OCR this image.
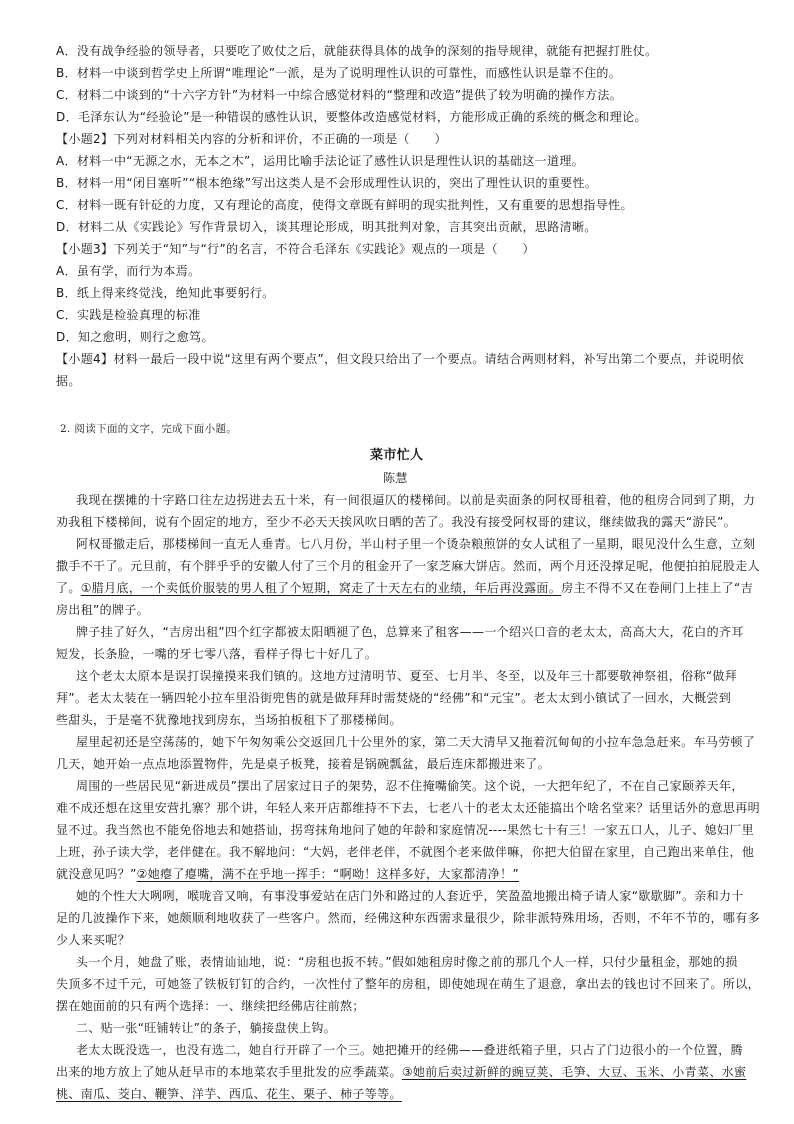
A．没有战争经验的领导者，只要吃了败仗之后，就能获得具体的战争的深刻的指导规律，就能有把握打胜仗。
B．材料一中谈到哲学史上所谓“唯理论”一派，是为了说明理性认识的可靠性，而感性认识是靠不住的。
C．材料二中谈到的“十六字方针”为材料一中综合感觉材料的“整理和改造”提供了较为明确的操作方法。
D．毛泽东认为“经验论”是一种错误的感性认识，要整体改造感觉材料，方能形成正确的系统的概念和理论。
【小题2】下列对材料相关内容的分析和评价，不正确的一项是（　　）
A．材料一中“无源之水，无本之木”，运用比喻手法论证了感性认识是理性认识的基础这一道理。
B．材料一用“闭目塞听”“根本绝缘”写出这类人是不会形成理性认识的，突出了理性认识的重要性。
C．材料一既有针砭的力度，又有理论的高度，使得文章既有鲜明的现实批判性，又有重要的思想指导性。
D．材料二从《实践论》写作背景切入，谈其理论形成，明其批判对象，言其突出贡献，思路清晰。
【小题3】下列关于“知”与“行”的名言，不符合毛泽东《实践论》观点的一项是（　　）
A．虽有学，而行为本焉。
B．纸上得来终觉浅，绝知此事要躬行。
C．实践是检验真理的标准
D．知之愈明，则行之愈笃。
【小题4】材料一最后一段中说“这里有两个要点”，但文段只给出了一个要点。请结合两则材料，补写出第二个要点，并说明依
据。
2. 阅读下面的文字，完成下面小题。
菜市忙人
陈慧
我现在摆摊的十字路口往左边拐进去五十米，有一间很逼仄的楼梯间。以前是卖面条的阿权哥租着，他的租房合同到了期，力
劝我租下楼梯间，说有个固定的地方，至少不必天天挨风吹日晒的苦了。我没有接受阿权哥的建议，继续做我的露天“游民”。
阿权哥撤走后，那楼梯间一直无人垂青。七八月份，半山村子里一个烫杂粮煎饼的女人试租了一星期，眼见没什么生意，立刻
撒手不干了。元旦前，有个胖乎乎的安徽人付了三个月的租金开了一家芝麻大饼店。然而，两个月还没撑足呢，他便拍拍屁股走人
了。①腊月底，一个卖低价服装的男人租了个短期，窝走了十天左右的业绩，年后再没露面。房主不得不又在卷闸门上挂上了“吉
房出租”的牌子。
牌子挂了好久，“吉房出租”四个红字都被太阳晒褪了色，总算来了租客——一个绍兴口音的老太太，高高大大，花白的齐耳
短发，长条脸，一嘴的牙七零八落，看样子得七十好几了。
这个老太太原本是误打误撞摸来我们镇的。这地方过清明节、夏至、七月半、冬至，以及年三十都要敬神祭祖，俗称“做拜
拜”。老太太装在一辆四轮小拉车里沿街兜售的就是做拜拜时需焚烧的“经佛”和“元宝”。老太太到小镇试了一回水，大概尝到
些甜头，于是毫不犹豫地找到房东，当场拍板租下了那楼梯间。
屋里起初还是空荡荡的，她下午匆匆乘公交返回几十公里外的家，第二天大清早又拖着沉甸甸的小拉车急急赶来。车马劳顿了
几天，她开始一点点地添置物件，先是桌子板凳，接着是锅碗瓢盆，最后连床都搬进来了。
周围的一些居民见“新进成员”摆出了居家过日子的架势，忍不住掩嘴偷笑。这个说，一大把年纪了，不在自己家颐养天年，
难不成还想在这里安营扎寨？那个讲，年轻人来开店都维持不下去，七老八十的老太太还能搞出个啥名堂来？话里话外的意思再明
显不过。我当然也不能免俗地去和她搭讪，拐弯抹角地问了她的年龄和家庭情况----果然七十有三！一家五口人，儿子、媳妇厂里
上班，孙子读大学，老伴健在。我不解地问：“大妈，老伴老伴，不就图个老来做伴嘛，你把大伯留在家里，自己跑出来单住，他
就没意见吗？”②她瘪了瘪嘴，满不在乎地一挥手：“啊呦！这样多好，大家都清净！”
她的个性大大咧咧，喉咙音又响，有事没事爱站在店门外和路过的人套近乎，笑盈盈地搬出椅子请人家“歇歇脚”。亲和力十
足的几波操作下来，她颇顺利地收获了一些客户。然而，经佛这种东西需求量很少，除非派特殊用场，否则，不年不节的，哪有多
少人来买呢？
头一个月，她盘了账，表情讪讪地，说：“房租也扳不转。”假如她租房时像之前的那几个人一样，只付少量租金，那她的损
失顶多不过千元，可她签了铁板钉钉的合约，一次性付了整年的房租，即使她现在萌生了退意，拿出去的钱也讨不回来了。所以，
摆在她面前的只有两个选择：一、继续把经佛店往前熬；
二、贴一张“旺铺转让”的条子，躺接盘侠上钩。
老太太既没选一，也没有选二，她自行开辟了一个三。她把摊开的经佛——叠进纸箱子里，只占了门边很小的一个位置，腾
出来的地方放上了她从赶早市的本地菜农手里批发的应季蔬菜。③她前后卖过新鲜的豌豆荚、毛笋、大豆、玉米、小青菜、水蜜
桃、南瓜、茭白、鞭笋、洋芋、西瓜、花生、栗子、柿子等等。
